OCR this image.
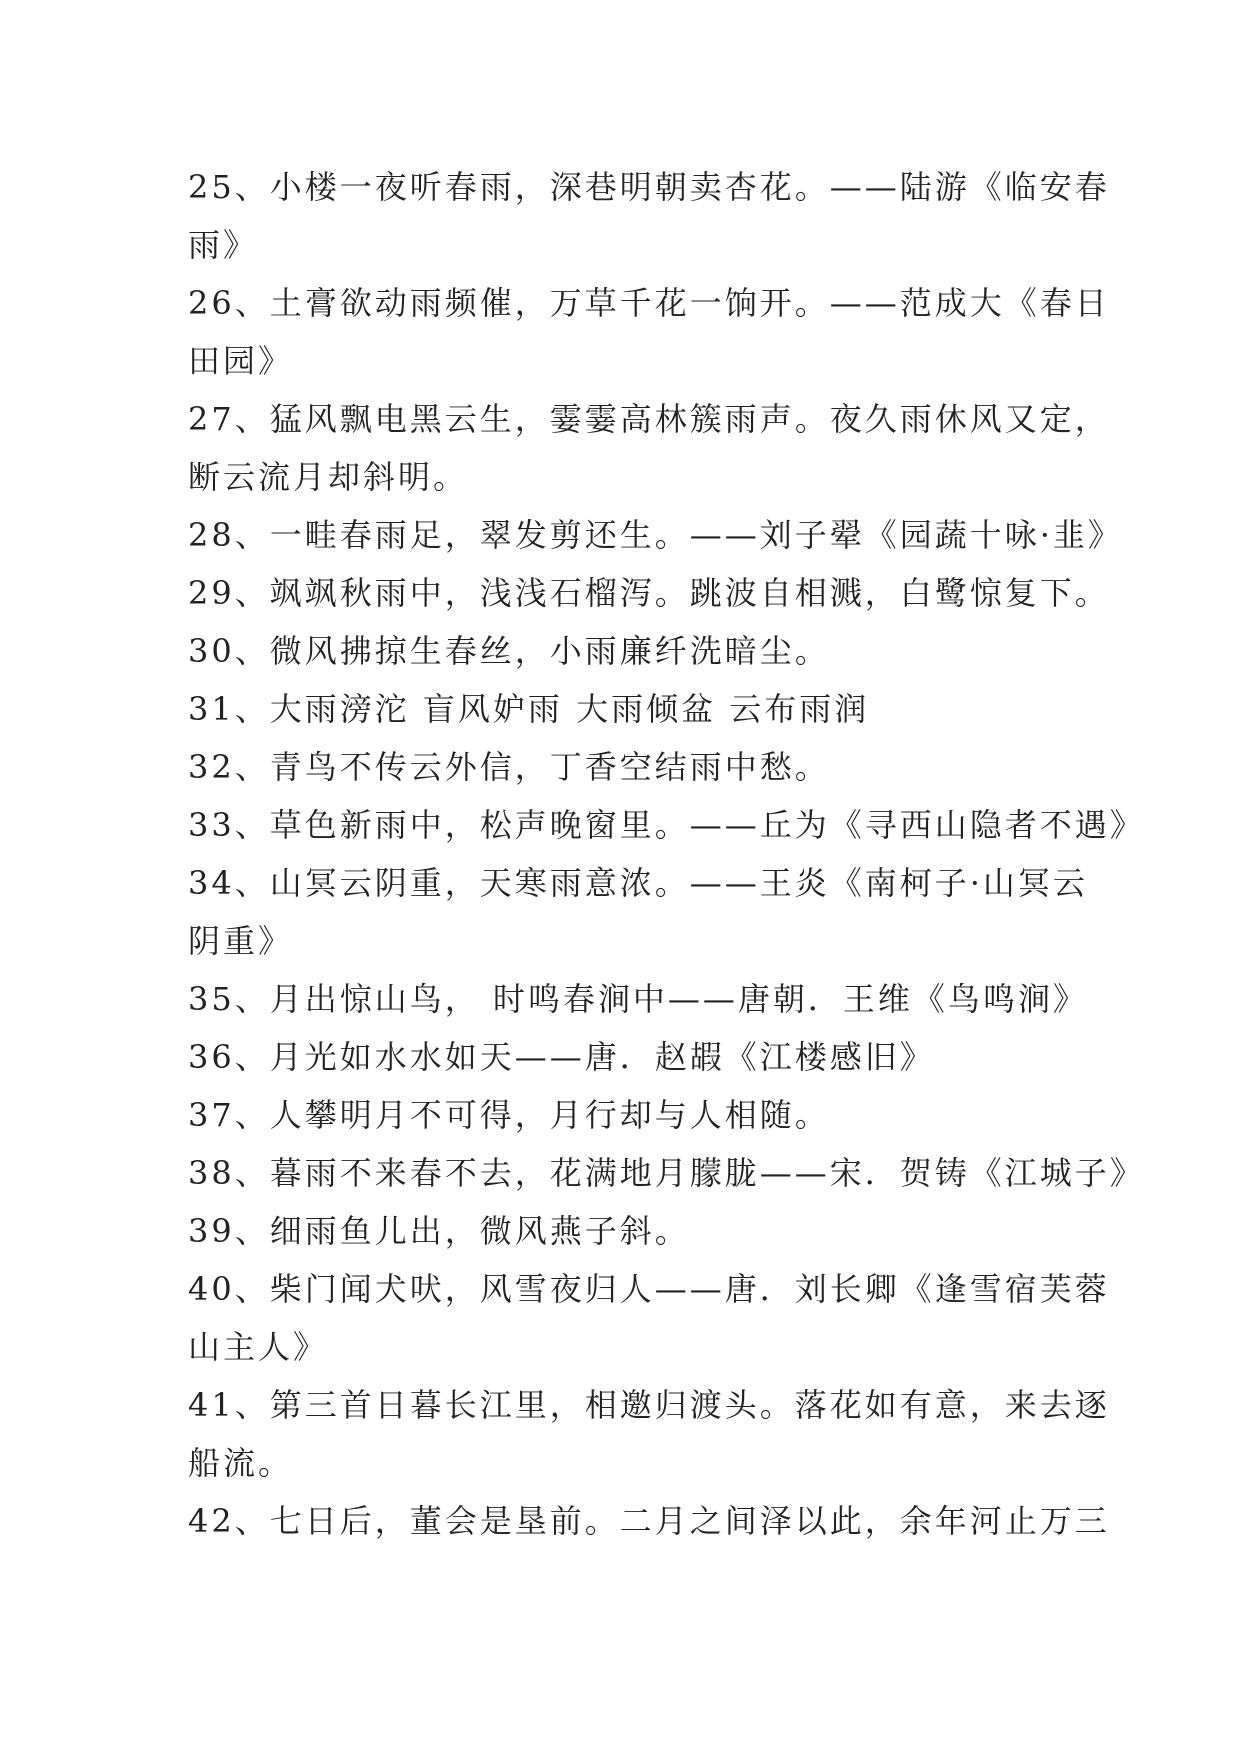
25、小楼一夜听春雨，深巷明朝卖杏花。——陆游《临安春
雨》
26、土膏欲动雨频催，万草千花一饷开。——范成大《春日
田园》
27、猛风飘电黑云生，霎霎高林簇雨声。夜久雨休风又定，
断云流月却斜明。
28、一畦春雨足，翠发剪还生。——刘子翚《园蔬十咏·韭》
29、飒飒秋雨中，浅浅石榴泻。跳波自相溅，白鹭惊复下。
30、微风拂掠生春丝，小雨廉纤洗暗尘。
31、大雨滂沱 盲风妒雨 大雨倾盆 云布雨润
32、青鸟不传云外信，丁香空结雨中愁。
33、草色新雨中，松声晚窗里。——丘为《寻西山隐者不遇》
34、山冥云阴重，天寒雨意浓。——王炎《南柯子·山冥云
阴重》
35、月出惊山鸟， 时鸣春涧中——唐朝．王维《鸟鸣涧》
36、月光如水水如天——唐．赵嘏《江楼感旧》
37、人攀明月不可得，月行却与人相随。
38、暮雨不来春不去，花满地月朦胧——宋．贺铸《江城子》
39、细雨鱼儿出，微风燕子斜。
40、柴门闻犬吠，风雪夜归人——唐．刘长卿《逢雪宿芙蓉
山主人》
41、第三首日暮长江里，相邀归渡头。落花如有意，来去逐
船流。
42、七日后，董会是垦前。二月之间泽以此，余年河止万三
